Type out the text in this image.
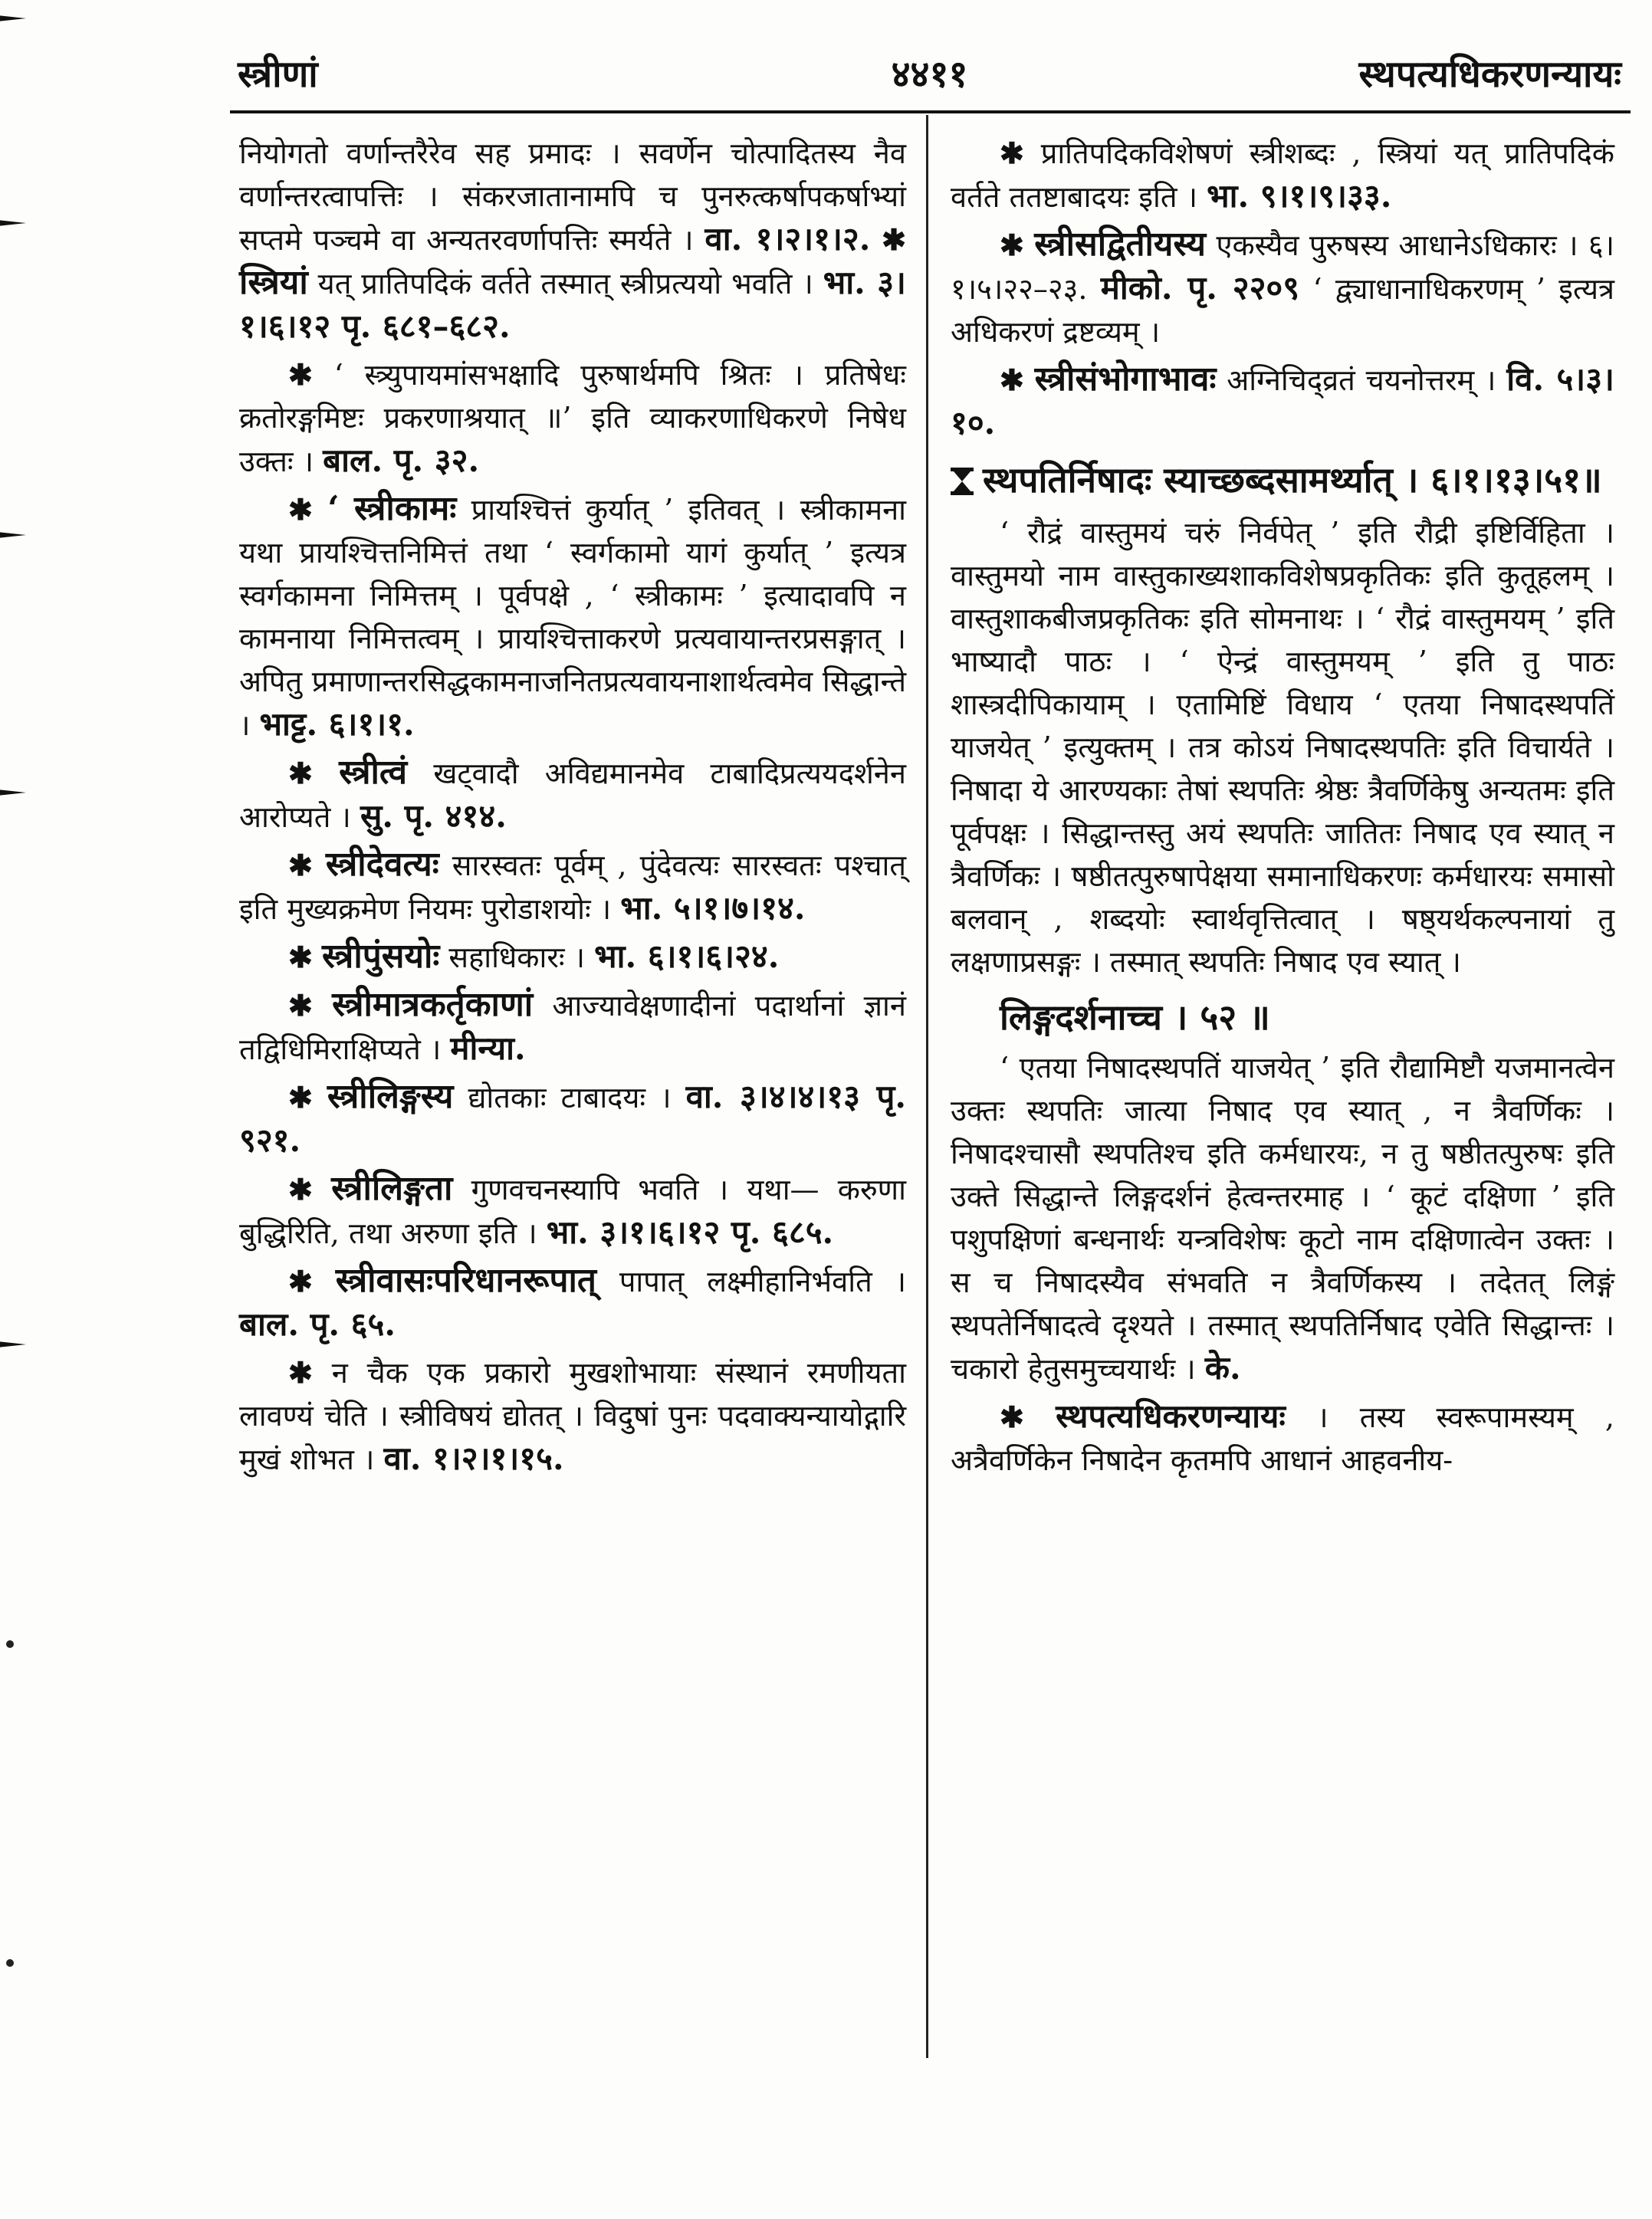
स्त्रीणां	४४११	स्थपत्यधिकरणन्यायः

नियोगतो वर्णान्तरैरेव सह प्रमादः । सवर्णेन चोत्पादितस्य नैव वर्णान्तरत्वापत्तिः । संकरजातानामपि च पुनरुत्कर्षापकर्षाभ्यां सप्तमे पञ्चमे वा अन्यतरवर्णापत्तिः स्मर्यते । वा. १।२।१।२. ✱ स्त्रियां यत् प्रातिपदिकं वर्तते तस्मात् स्त्रीप्रत्ययो भवति । भा. ३।१।६।१२ पृ. ६८१–६८२.

✱ ‘ स्त्र्युपायमांसभक्षादि पुरुषार्थमपि श्रितः । प्रतिषेधः क्रतोरङ्गमिष्टः प्रकरणाश्रयात् ॥’ इति व्याकरणाधिकरणे निषेध उक्तः । बाल. पृ. ३२.

✱ ‘ स्त्रीकामः प्रायश्चित्तं कुर्यात् ’ इतिवत् । स्त्रीकामना यथा प्रायश्चित्तनिमित्तं तथा ‘ स्वर्गकामो यागं कुर्यात् ’ इत्यत्र स्वर्गकामना निमित्तम् । पूर्वपक्षे , ‘ स्त्रीकामः ’ इत्यादावपि न कामनाया निमित्तत्वम् । प्रायश्चित्ताकरणे प्रत्यवायान्तरप्रसङ्गात् । अपितु प्रमाणान्तरसिद्धकामनाजनितप्रत्यवायनाशार्थत्वमेव सिद्धान्ते । भाट्ट. ६।१।१.

✱ स्त्रीत्वं खट्वादौ अविद्यमानमेव टाबादिप्रत्ययदर्शनेन आरोप्यते । सु. पृ. ४१४.

✱ स्त्रीदेवत्यः सारस्वतः पूर्वम् , पुंदेवत्यः सारस्वतः पश्चात् इति मुख्यक्रमेण नियमः पुरोडाशयोः । भा. ५।१।७।१४.

✱ स्त्रीपुंसयोः सहाधिकारः । भा. ६।१।६।२४.

✱ स्त्रीमात्रकर्तृकाणां आज्यावेक्षणादीनां पदार्थानां ज्ञानं तद्विधिमिराक्षिप्यते । मीन्या.

✱ स्त्रीलिङ्गस्य द्योतकाः टाबादयः । वा. ३।४।४।१३ पृ. ९२१.

✱ स्त्रीलिङ्गता गुणवचनस्यापि भवति । यथा— करुणा बुद्धिरिति, तथा अरुणा इति । भा. ३।१।६।१२ पृ. ६८५.

✱ स्त्रीवासःपरिधानरूपात् पापात् लक्ष्मीहानिर्भवति । बाल. पृ. ६५.

✱ न चैक एक प्रकारो मुखशोभायाः संस्थानं रमणीयता लावण्यं चेति । स्त्रीविषयं द्योतत् । विदुषां पुनः पदवाक्यन्यायोद्गारि मुखं शोभत । वा. १।२।१।१५.

✱ प्रातिपदिकविशेषणं स्त्रीशब्दः , स्त्रियां यत् प्रातिपदिकं वर्तते ततष्टाबादयः इति । भा. ९।१।९।३३.

✱ स्त्रीसद्वितीयस्य एकस्यैव पुरुषस्य आधानेऽधिकारः । ६।१।५।२२–२३. मीको. पृ. २२०९ ‘ द्व्याधानाधिकरणम् ’ इत्यत्र अधिकरणं द्रष्टव्यम् ।

✱ स्त्रीसंभोगाभावः अग्निचिद्व्रतं चयनोत्तरम् । वि. ५।३।१०.

स्थपतिर्निषादः स्याच्छब्दसामर्थ्यात् । ६।१।१३।५१॥

‘ रौद्रं वास्तुमयं चरुं निर्वपेत् ’ इति रौद्री इष्टिर्विहिता । वास्तुमयो नाम वास्तुकाख्यशाकविशेषप्रकृतिकः इति कुतूहलम् । वास्तुशाकबीजप्रकृतिकः इति सोमनाथः । ‘ रौद्रं वास्तुमयम् ’ इति भाष्यादौ पाठः । ‘ ऐन्द्रं वास्तुमयम् ’ इति तु पाठः शास्त्रदीपिकायाम् । एतामिष्टिं विधाय ‘ एतया निषादस्थपतिं याजयेत् ’ इत्युक्तम् । तत्र कोऽयं निषादस्थपतिः इति विचार्यते । निषादा ये आरण्यकाः तेषां स्थपतिः श्रेष्ठः त्रैवर्णिकेषु अन्यतमः इति पूर्वपक्षः । सिद्धान्तस्तु अयं स्थपतिः जातितः निषाद एव स्यात् न त्रैवर्णिकः । षष्ठीतत्पुरुषापेक्षया समानाधिकरणः कर्मधारयः समासो बलवान् , शब्दयोः स्वार्थवृत्तित्वात् । षष्ठ्यर्थकल्पनायां तु लक्षणाप्रसङ्गः । तस्मात् स्थपतिः निषाद एव स्यात् ।

लिङ्गदर्शनाच्च । ५२ ॥

‘ एतया निषादस्थपतिं याजयेत् ’ इति रौद्यामिष्टौ यजमानत्वेन उक्तः स्थपतिः जात्या निषाद एव स्यात् , न त्रैवर्णिकः । निषादश्चासौ स्थपतिश्च इति कर्मधारयः, न तु षष्ठीतत्पुरुषः इति उक्ते सिद्धान्ते लिङ्गदर्शनं हेत्वन्तरमाह । ‘ कूटं दक्षिणा ’ इति पशुपक्षिणां बन्धनार्थः यन्त्रविशेषः कूटो नाम दक्षिणात्वेन उक्तः । स च निषादस्यैव संभवति न त्रैवर्णिकस्य । तदेतत् लिङ्गं स्थपतेर्निषादत्वे दृश्यते । तस्मात् स्थपतिर्निषाद एवेति सिद्धान्तः । चकारो हेतुसमुच्चयार्थः । के.

✱ स्थपत्यधिकरणन्यायः । तस्य स्वरूपामस्यम् , अत्रैवर्णिकेन निषादेन कृतमपि आधानं आहवनीय-
